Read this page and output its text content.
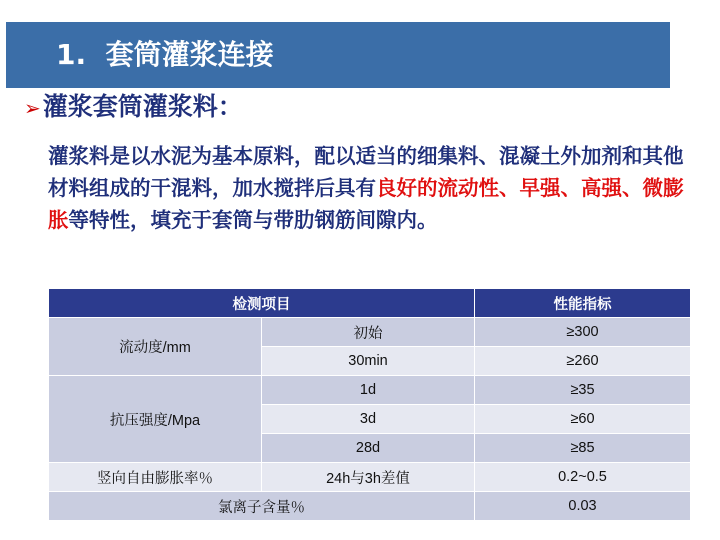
1.  套筒灌浆连接
➢灌浆套筒灌浆料：
灌浆料是以水泥为基本原料，配以适当的细集料、混凝土外加剂和其他材料组成的干混料，加水搅拌后具有良好的流动性、早强、高强、微膨胀等特性，填充于套筒与带肋钢筋间隙内。
检测项目		性能指标
流动度/mm	初始	≥300
	30min	≥260
抗压强度/Mpa	1d	≥35
	3d	≥60
	28d	≥85
竖向自由膨胀率％	24h与3h差值	0.2~0.5
氯离子含量％		0.03
